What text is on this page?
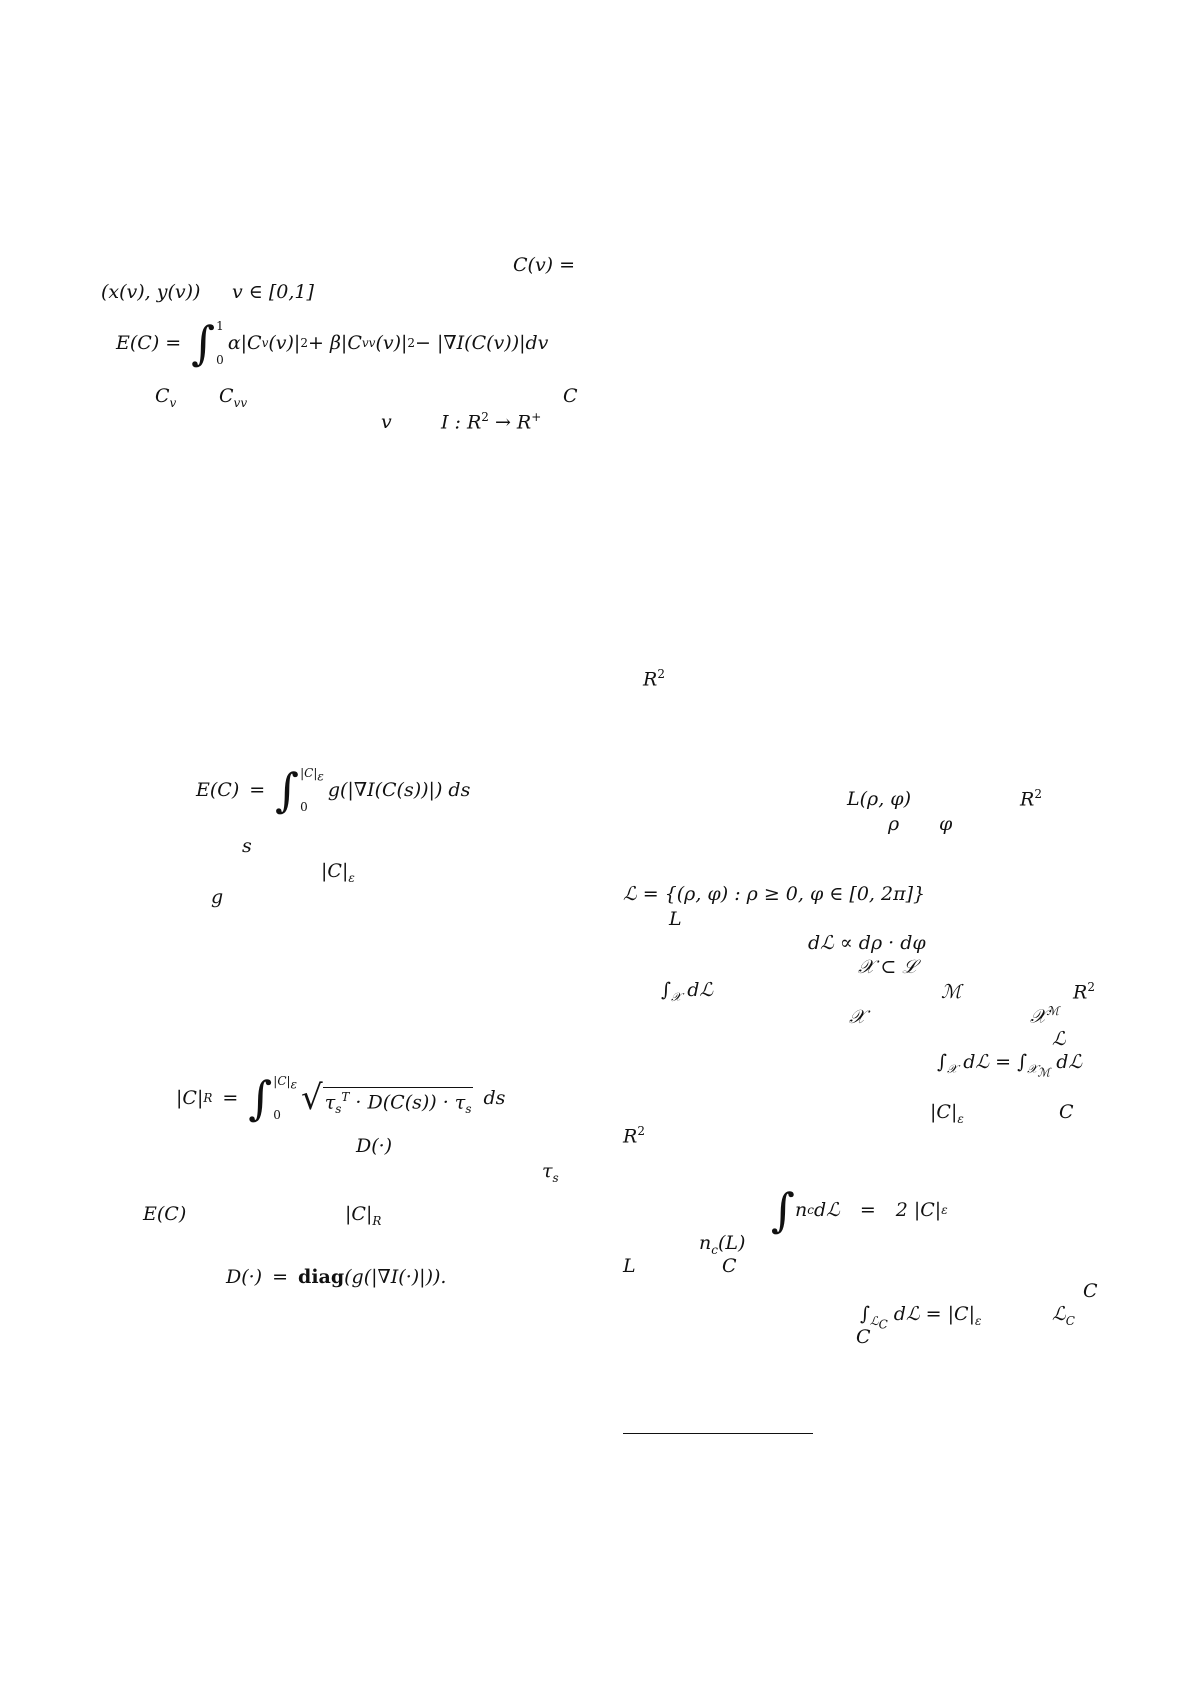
C(v) =
(x(v), y(v)) v ∈ [0,1]
E(C) = ∫ 1
0
α|C v (v)| 2 + β|C vv (v)| 2 − |∇I(C(v))|dv
$C_v$ $C_{vv}$	C
v	I : $R^2 \to R^+$
E(C) = ∫ $|C|_\varepsilon$
0
g(|∇I(C(s))|) ds
s
$|C|_\varepsilon$
g
|C| R = ∫ $|C|_\varepsilon$
0 √ $\tau_s^T \cdot D(C(s)) \cdot \tau_s$
ds
D(·)
$\tau_s$
E(C)	$|C|_R$
D(·) = diag (g(|∇I(·)|)).
$R^2$
L(ρ, φ)	$R^2$
ρ φ
ℒ = {(ρ, φ) : ρ ≥ 0, φ ∈ [0, 2π]}
L
dℒ ∝ dρ · dφ
𝒳 ⊂ ℒ
$\int_𝒳$ dℒ	ℳ	$R^2$
𝒳	𝒳$^ℳ$
ℒ
$\int_𝒳$ dℒ = $\int_{𝒳_ℳ}$ dℒ
$|C|_\varepsilon$	C
$R^2$
∫ n c dℒ = 2 |C| ε
$n_c(L)$
L	C
C
$\int_{ℒ_C}$ dℒ = $|C|_\varepsilon$	ℒ$_C$
C
